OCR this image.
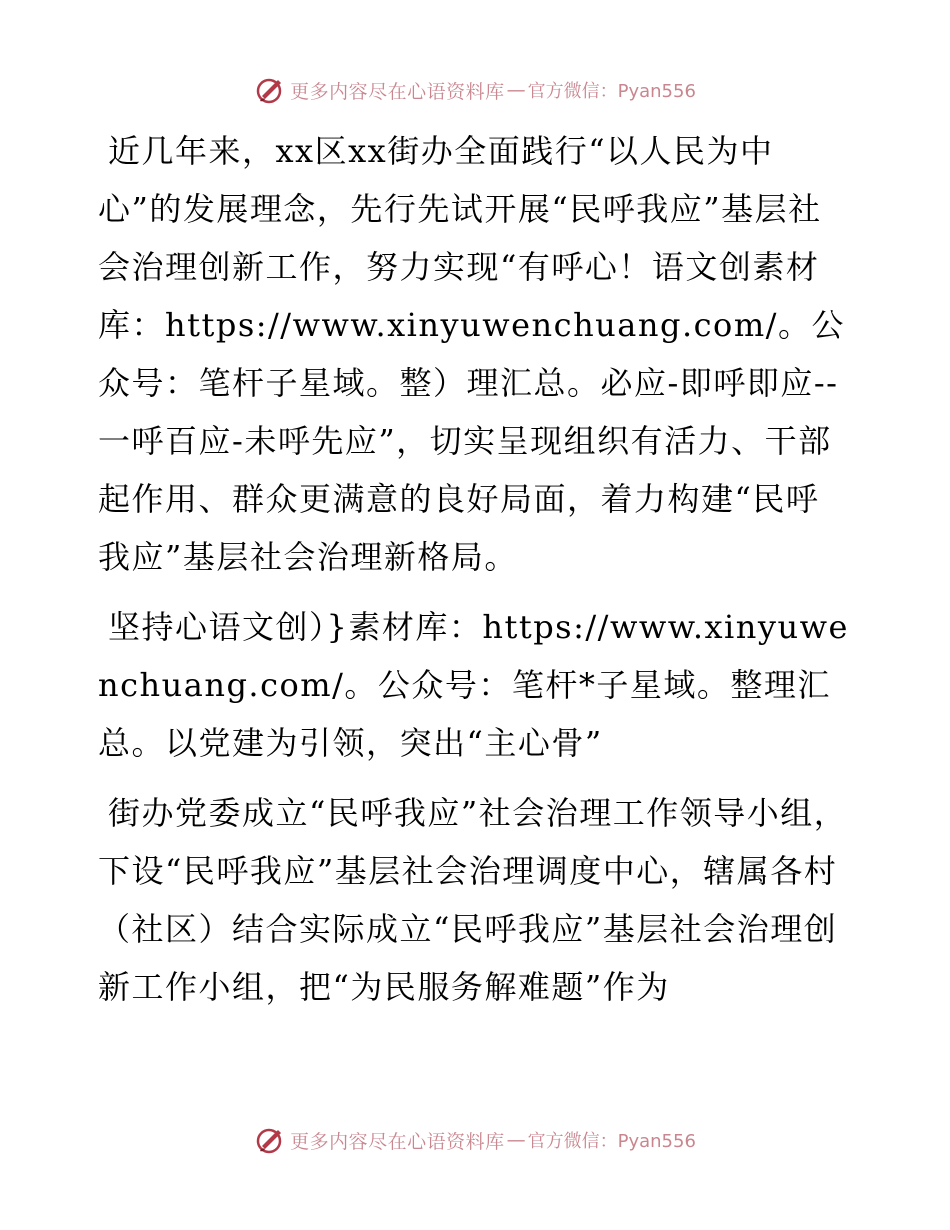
更多内容尽在心语资料库 — 官方微信：Pyan556

近几年来，xx区xx街办全面践行“以人民为中心”的发展理念，先行先试开展“民呼我应”基层社会治理创新工作，努力实现“有呼心！语文创素材库：https://www.xinyuwenchuang.com/。公众号：笔杆子星域。整）理汇总。必应-即呼即应--一呼百应-未呼先应”，切实呈现组织有活力、干部起作用、群众更满意的良好局面，着力构建“民呼我应”基层社会治理新格局。

坚持心语文创）}素材库：https://www.xinyuwenchuang.com/。公众号：笔杆*子星域。整理汇总。以党建为引领，突出“主心骨”

街办党委成立“民呼我应”社会治理工作领导小组，下设“民呼我应”基层社会治理调度中心，辖属各村（社区）结合实际成立“民呼我应”基层社会治理创新工作小组，把“为民服务解难题”作为

更多内容尽在心语资料库 — 官方微信：Pyan556
